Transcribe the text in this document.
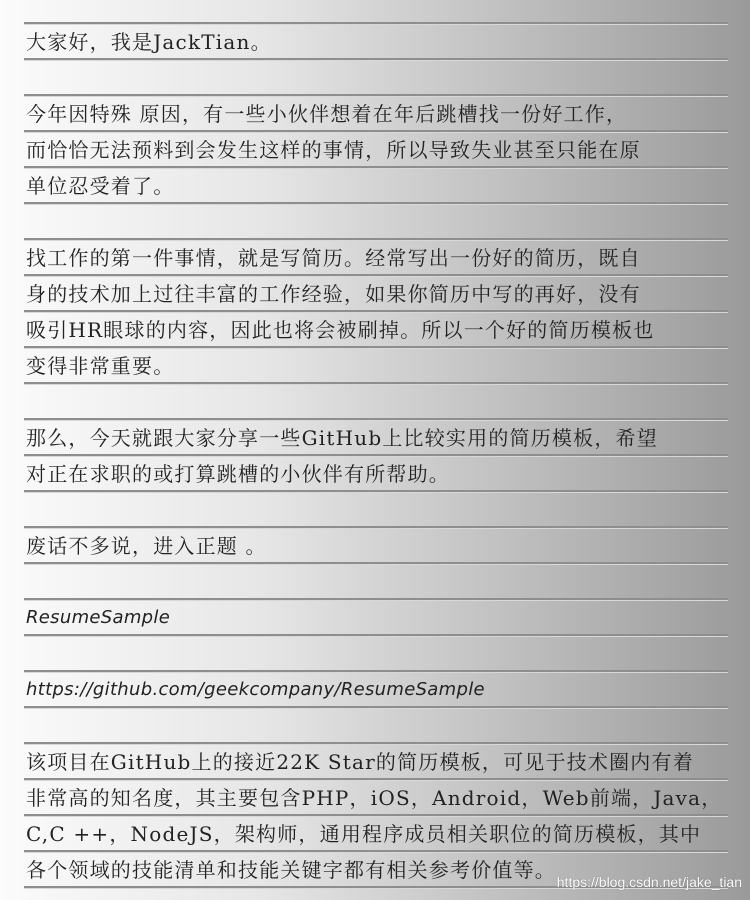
大家好，我是JackTian。
今年因特殊 原因，有一些小伙伴想着在年后跳槽找一份好工作，
而恰恰无法预料到会发生这样的事情，所以导致失业甚至只能在原
单位忍受着了。
找工作的第一件事情，就是写简历。经常写出一份好的简历，既自
身的技术加上过往丰富的工作经验，如果你简历中写的再好，没有
吸引HR眼球的内容，因此也将会被刷掉。所以一个好的简历模板也
变得非常重要。
那么，今天就跟大家分享一些GitHub上比较实用的简历模板，希望
对正在求职的或打算跳槽的小伙伴有所帮助。
废话不多说，进入正题 。
ResumeSample
https://github.com/geekcompany/ResumeSample
该项目在GitHub上的接近22K Star的简历模板，可见于技术圈内有着
非常高的知名度，其主要包含PHP，iOS，Android，Web前端，Java，
C,C ++，NodeJS，架构师，通用程序成员相关职位的简历模板，其中
各个领域的技能清单和技能关键字都有相关参考价值等。 https://blog.csdn.net/jake_tian
